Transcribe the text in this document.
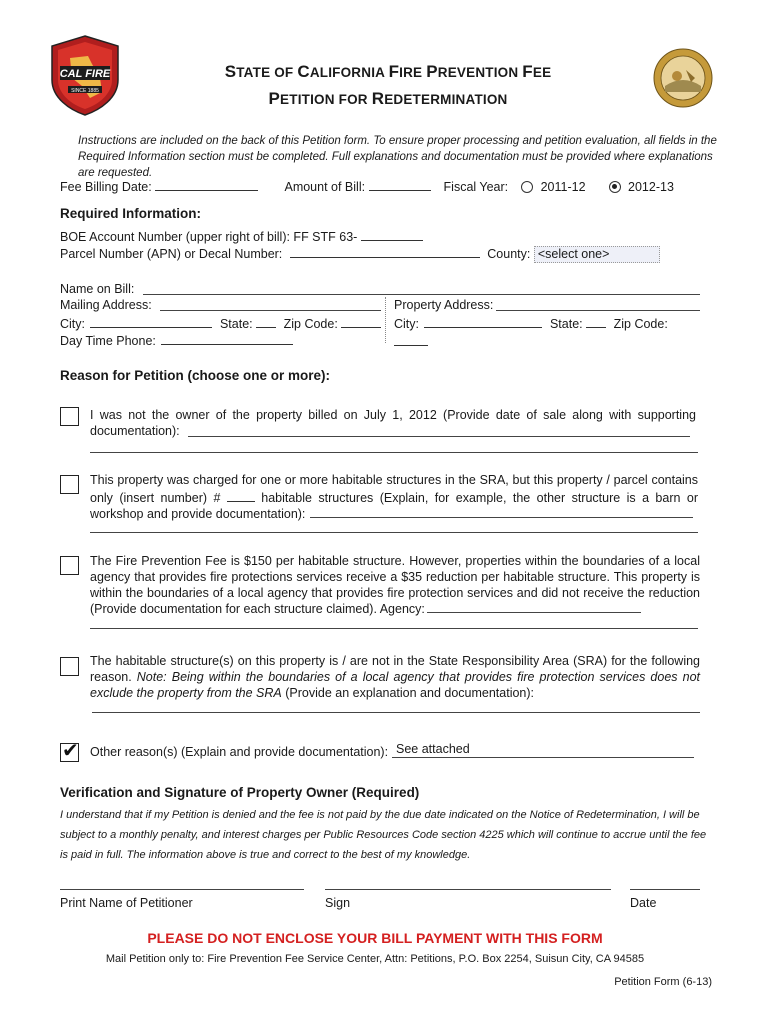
CAL FIRE
SINCE 1885
STATE OF CALIFORNIA FIRE PREVENTION FEE
PETITION FOR REDETERMINATION
Instructions are included on the back of this Petition form. To ensure proper processing and petition evaluation, all fields in the Required Information section must be completed. Full explanations and documentation must be provided where explanations are requested.
Fee Billing Date:	Amount of Bill:	Fiscal Year:	2011-12	2012-13
Required Information:
BOE Account Number (upper right of bill): FF STF 63-
Parcel Number (APN) or Decal Number:	County: <select one>
Name on Bill:
Mailing Address:	Property Address:
City:	State: Zip Code:	City:	State: Zip Code:
Day Time Phone:
Reason for Petition (choose one or more):
I was not the owner of the property billed on July 1, 2012 (Provide date of sale along with supporting documentation):
This property was charged for one or more habitable structures in the SRA, but this property / parcel contains only (insert number) #	habitable structures (Explain, for example, the other structure is a barn or workshop and provide documentation):
The Fire Prevention Fee is $150 per habitable structure. However, properties within the boundaries of a local agency that provides fire protections services receive a $35 reduction per habitable structure. This property is within the boundaries of a local agency that provides fire protection services and did not receive the reduction (Provide documentation for each structure claimed). Agency:
The habitable structure(s) on this property is / are not in the State Responsibility Area (SRA) for the following reason. Note: Being within the boundaries of a local agency that provides fire protection services does not exclude the property from the SRA (Provide an explanation and documentation):
✔ Other reason(s) (Explain and provide documentation): See attached
Verification and Signature of Property Owner (Required)
I understand that if my Petition is denied and the fee is not paid by the due date indicated on the Notice of Redetermination, I will be subject to a monthly penalty, and interest charges per Public Resources Code section 4225 which will continue to accrue until the fee is paid in full. The information above is true and correct to the best of my knowledge.
Print Name of Petitioner	Sign	Date
PLEASE DO NOT ENCLOSE YOUR BILL PAYMENT WITH THIS FORM
Mail Petition only to: Fire Prevention Fee Service Center, Attn: Petitions, P.O. Box 2254, Suisun City, CA 94585
Petition Form (6-13)
